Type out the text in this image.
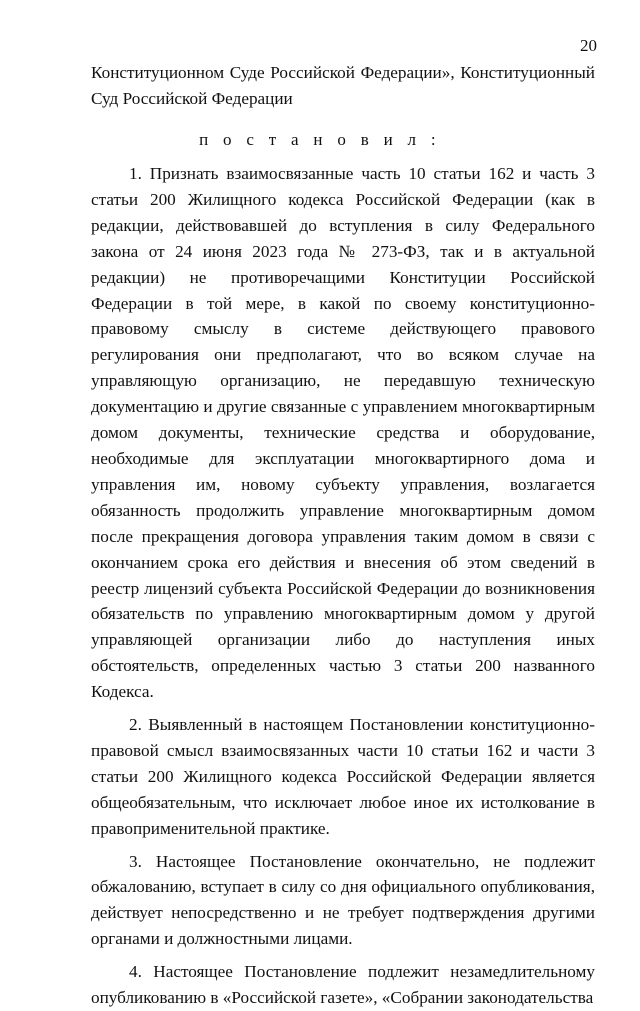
20

Конституционном Суде Российской Федерации», Конституционный Суд Российской Федерации

п о с т а н о в и л :

1. Признать взаимосвязанные часть 10 статьи 162 и часть 3 статьи 200 Жилищного кодекса Российской Федерации (как в редакции, действовавшей до вступления в силу Федерального закона от 24 июня 2023 года № 273-ФЗ, так и в актуальной редакции) не противоречащими Конституции Российской Федерации в той мере, в какой по своему конституционно-правовому смыслу в системе действующего правового регулирования они предполагают, что во всяком случае на управляющую организацию, не передавшую техническую документацию и другие связанные с управлением многоквартирным домом документы, технические средства и оборудование, необходимые для эксплуатации многоквартирного дома и управления им, новому субъекту управления, возлагается обязанность продолжить управление многоквартирным домом после прекращения договора управления таким домом в связи с окончанием срока его действия и внесения об этом сведений в реестр лицензий субъекта Российской Федерации до возникновения обязательств по управлению многоквартирным домом у другой управляющей организации либо до наступления иных обстоятельств, определенных частью 3 статьи 200 названного Кодекса.

2. Выявленный в настоящем Постановлении конституционно-правовой смысл взаимосвязанных части 10 статьи 162 и части 3 статьи 200 Жилищного кодекса Российской Федерации является общеобязательным, что исключает любое иное их истолкование в правоприменительной практике.

3. Настоящее Постановление окончательно, не подлежит обжалованию, вступает в силу со дня официального опубликования, действует непосредственно и не требует подтверждения другими органами и должностными лицами.

4. Настоящее Постановление подлежит незамедлительному опубликованию в «Российской газете», «Собрании законодательства
